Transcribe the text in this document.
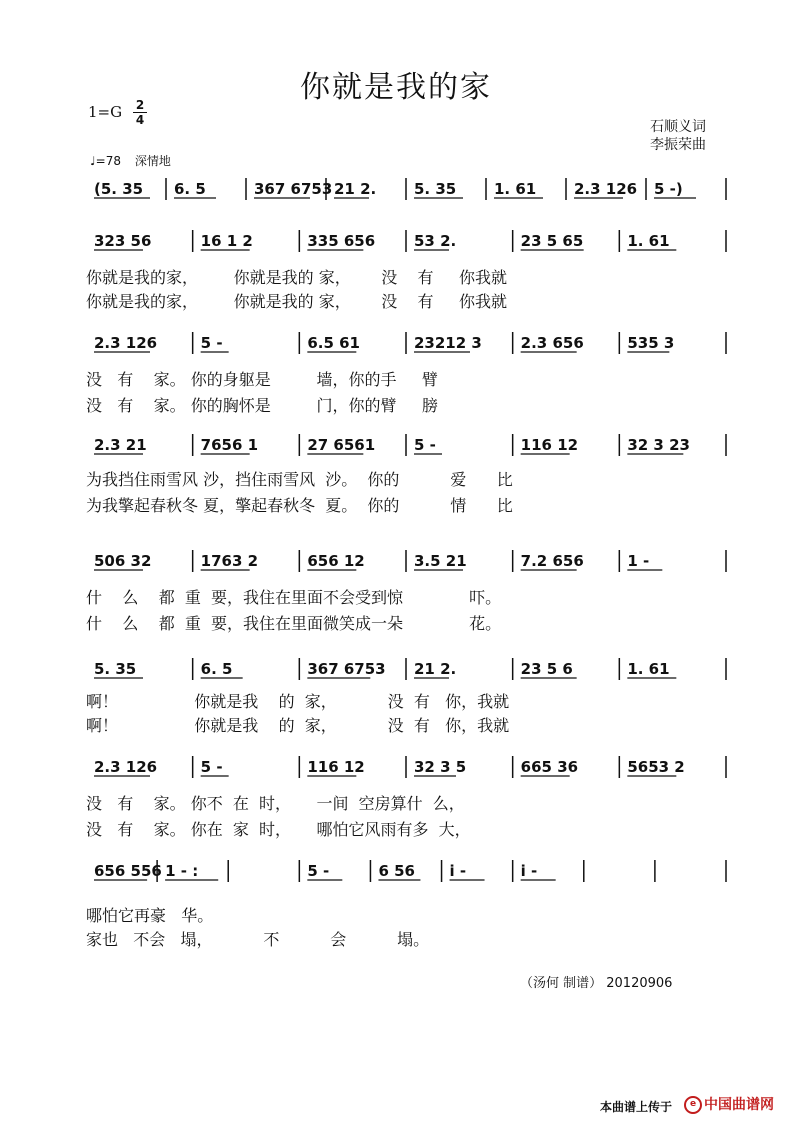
你就是我的家
1=G 2
4	石顺义词
李振荣曲
♩=78 深情地
(5. 35 6. 5	367 6753 21 2.	5. 35	1. 61	2.3 126 5 -)
323 56	16 1 2	335 656	53 2.	23 5 65	1. 61
2.3 126	5 -	6.5 61	23212 3	2.3 656	535 3
2.3 21	7656 1	27 6561	5 -	116 12	32 3 23
506 32	1763 2	656 12	3.5 21	7.2 656	1 -
5. 35	6. 5	367 6753 21 2.	23 5 6	1. 61
2.3 126	5 -	116 12	32 3 5	665 36	5653 2
656 556 1 - :	5 -	6 56 i -	i -
你就是我的家，       你就是我的 家，      没    有     你我就
你就是我的家，       你就是我的 家，      没    有     你我就
没   有    家。 你的身躯是         墙，你的手     臂
没   有    家。 你的胸怀是         门，你的臂     膀
为我挡住雨雪风 沙，挡住雨雪风  沙。  你的          爱      比
为我擎起春秋冬 夏，擎起春秋冬  夏。  你的          情      比
什    么    都  重  要，我住在里面不会受到惊             吓。
什    么    都  重  要，我住在里面微笑成一朵             花。
啊！               你就是我    的  家，          没  有   你，我就
啊！               你就是我    的  家，          没  有   你，我就
没   有    家。 你不  在  时，     一间  空房算什  么，
没   有    家。 你在  家  时，     哪怕它风雨有多  大，
哪怕它再豪   华。
家也   不会   塌，          不          会          塌。
（汤何 制谱） 20120906
本曲谱上传于	e 中国曲谱网
